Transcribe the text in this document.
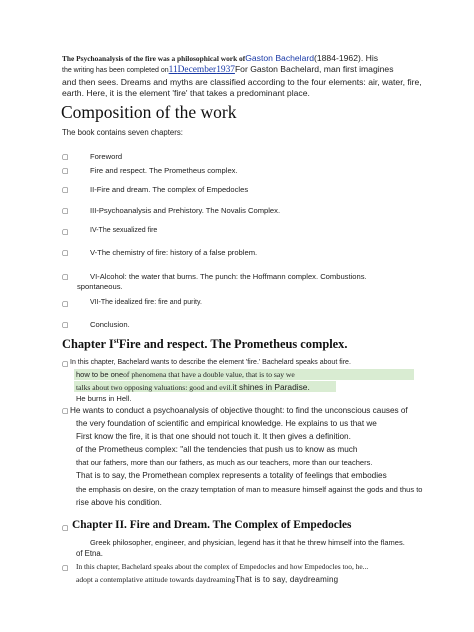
The Psychoanalysis of the fire was a philosophical work ofGaston Bachelard(1884-1962). His
the writing has been completed on11December1937For Gaston Bachelard, man first imagines
and then sees. Dreams and myths are classified according to the four elements: air, water, fire,
earth. Here, it is the element 'fire' that takes a predominant place.
Composition of the work
The book contains seven chapters:
▢	Foreword
▢	Fire and respect. The Prometheus complex.
▢	II-Fire and dream. The complex of Empedocles
▢	III-Psychoanalysis and Prehistory. The Novalis Complex.
▢	IV-The sexualized fire
▢	V-The chemistry of fire: history of a false problem.
▢	VI-Alcohol: the water that burns. The punch: the Hoffmann complex. Combustions.
spontaneous.
▢	VII-The idealized fire: fire and purity.
▢	Conclusion.
Chapter IstFire and respect. The Prometheus complex.
▢ In this chapter, Bachelard wants to describe the element 'fire.' Bachelard speaks about fire.
how to be oneof phenomena that have a double value, that is to say we
talks about two opposing valuations: good and evil.it shines in Paradise.
He burns in Hell.
▢ He wants to conduct a psychoanalysis of objective thought: to find the unconscious causes of
the very foundation of scientific and empirical knowledge. He explains to us that we
First know the fire, it is that one should not touch it. It then gives a definition.
of the Prometheus complex: "all the tendencies that push us to know as much
that our fathers, more than our fathers, as much as our teachers, more than our teachers.
That is to say, the Promethean complex represents a totality of feelings that embodies
the emphasis on desire, on the crazy temptation of man to measure himself against the gods and thus to
rise above his condition.
▢ Chapter II. Fire and Dream. The Complex of Empedocles
Greek philosopher, engineer, and physician, legend has it that he threw himself into the flames.
of Etna.
▢ In this chapter, Bachelard speaks about the complex of Empedocles and how Empedocles too, he...
adopt a contemplative attitude towards daydreamingThat is to say, daydreaming
